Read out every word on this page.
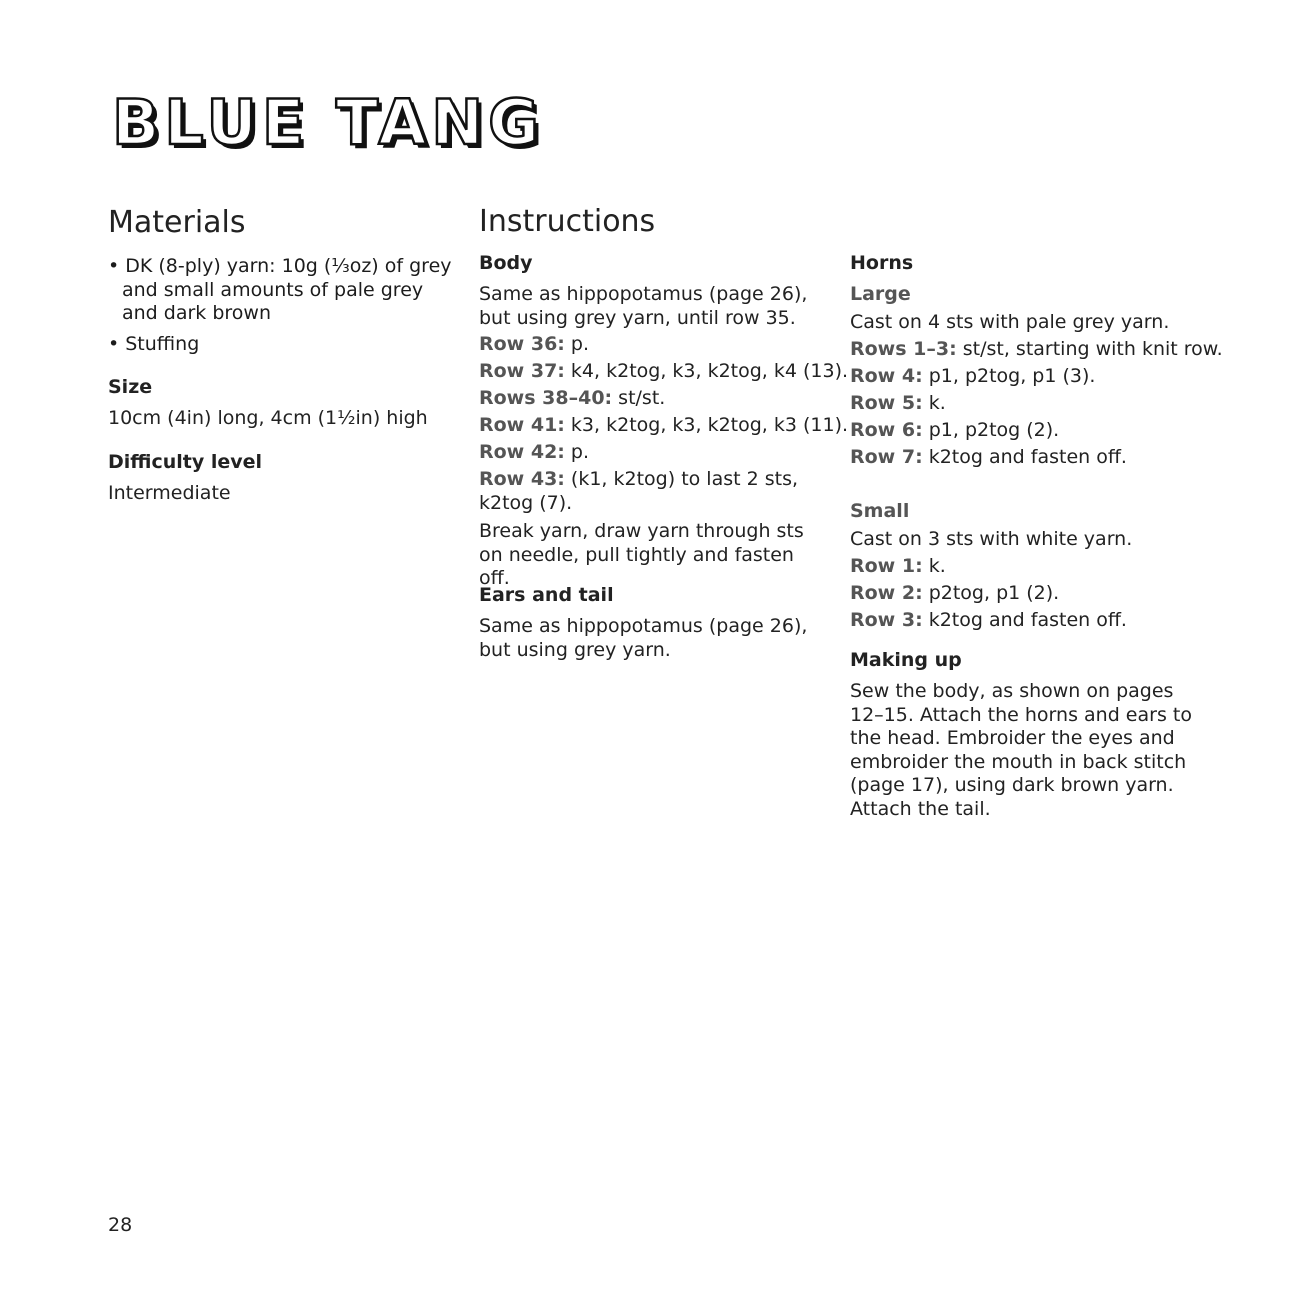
BLUE TANG
Materials
• DK (8-ply) yarn: 10g (¹⁄₃oz) of grey and small amounts of pale grey and dark brown
• Stuffing
Size
10cm (4in) long, 4cm (1½in) high
Difficulty level
Intermediate
Instructions
Body
Same as hippopotamus (page 26), but using grey yarn, until row 35.
Row 36: p.
Row 37: k4, k2tog, k3, k2tog, k4 (13).
Rows 38–40: st/st.
Row 41: k3, k2tog, k3, k2tog, k3 (11).
Row 42: p.
Row 43: (k1, k2tog) to last 2 sts,
k2tog (7).
Break yarn, draw yarn through sts on needle, pull tightly and fasten off.
Ears and tail
Same as hippopotamus (page 26), but using grey yarn.
Horns
Large
Cast on 4 sts with pale grey yarn.
Rows 1–3: st/st, starting with knit row.
Row 4: p1, p2tog, p1 (3).
Row 5: k.
Row 6: p1, p2tog (2).
Row 7: k2tog and fasten off.
Small
Cast on 3 sts with white yarn.
Row 1: k.
Row 2: p2tog, p1 (2).
Row 3: k2tog and fasten off.
Making up
Sew the body, as shown on pages 12–15. Attach the horns and ears to the head. Embroider the eyes and embroider the mouth in back stitch (page 17), using dark brown yarn. Attach the tail.
28
